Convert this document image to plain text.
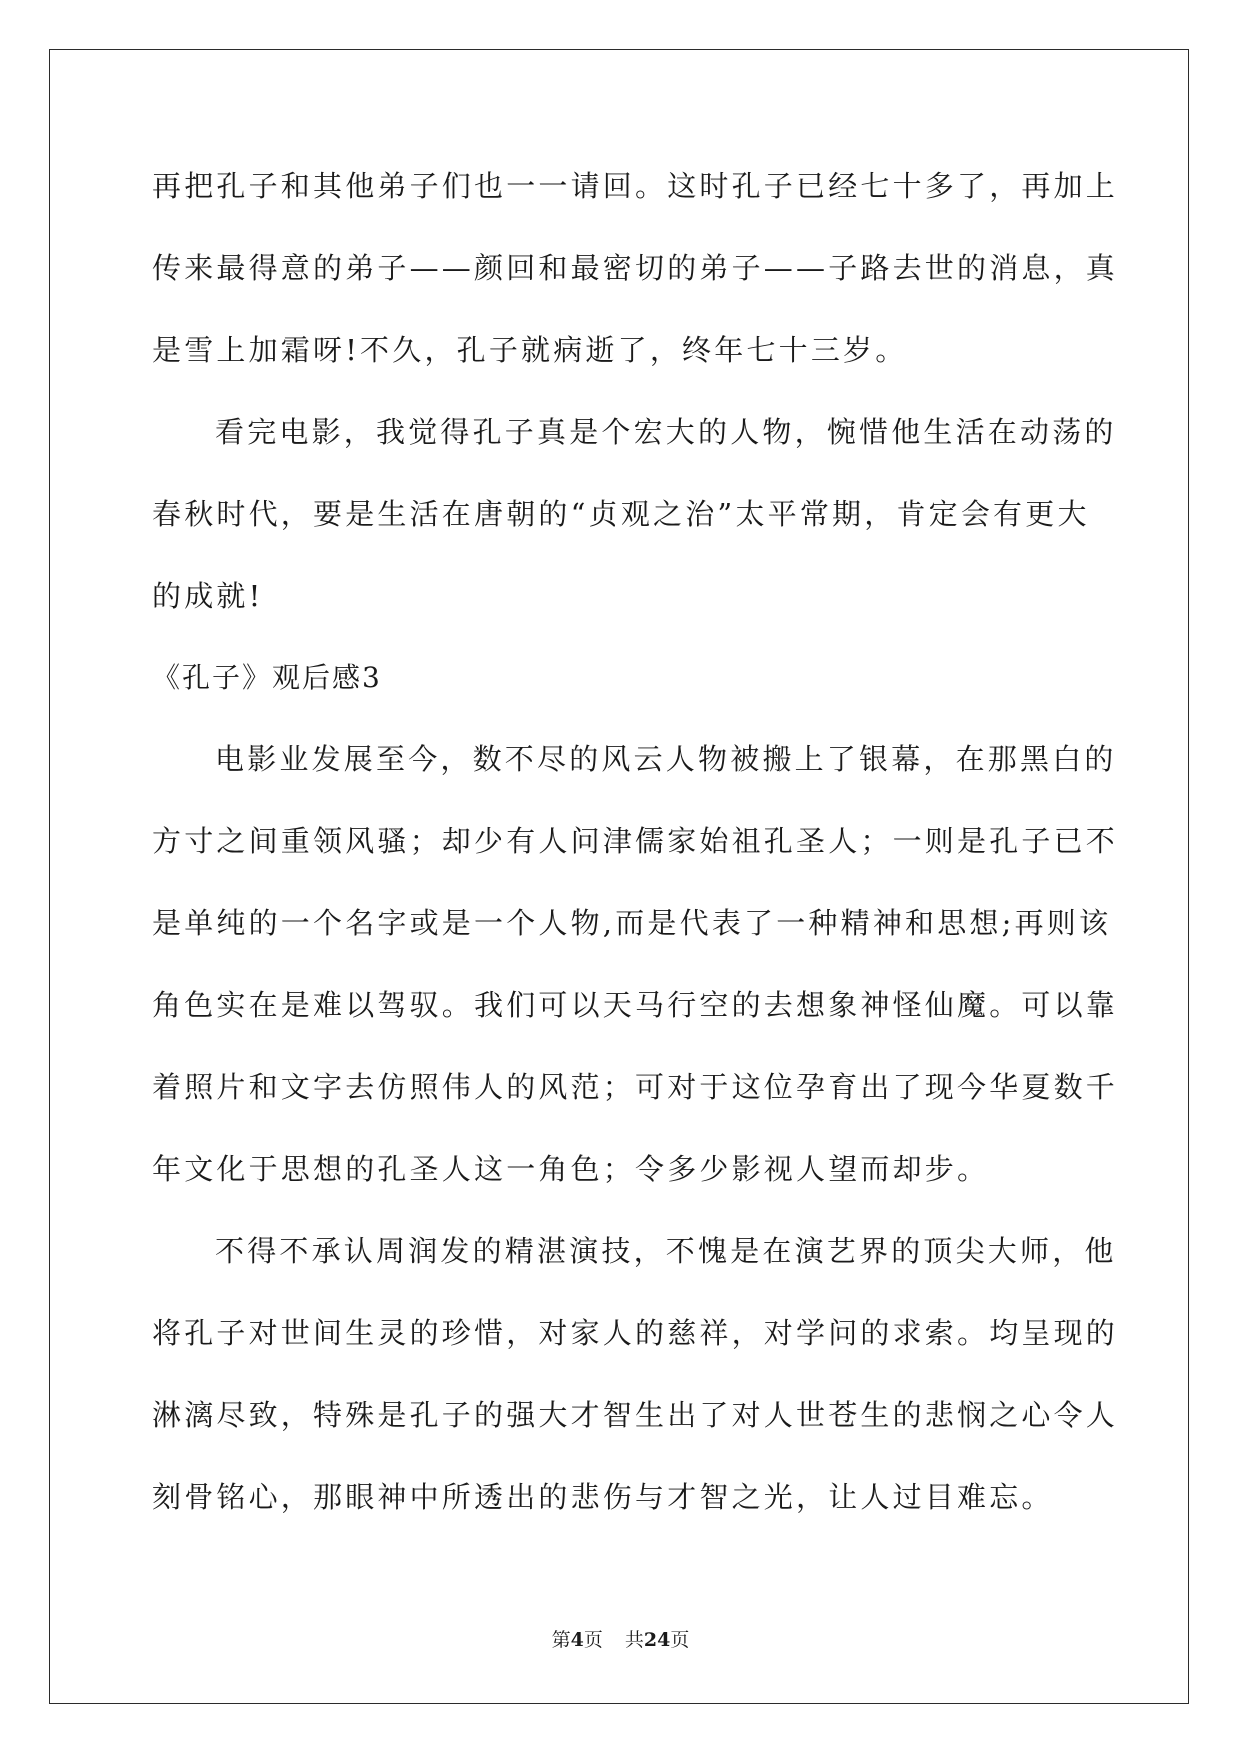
再把孔子和其他弟子们也一一请回。这时孔子已经七十多了，再加上
传来最得意的弟子——颜回和最密切的弟子——子路去世的消息，真
是雪上加霜呀!不久，孔子就病逝了，终年七十三岁。
看完电影，我觉得孔子真是个宏大的人物，惋惜他生活在动荡的
春秋时代，要是生活在唐朝的“贞观之治”太平常期，肯定会有更大
的成就!
《孔子》观后感3
电影业发展至今，数不尽的风云人物被搬上了银幕，在那黑白的
方寸之间重领风骚；却少有人问津儒家始祖孔圣人；一则是孔子已不
是单纯的一个名字或是一个人物,而是代表了一种精神和思想;再则该
角色实在是难以驾驭。我们可以天马行空的去想象神怪仙魔。可以靠
着照片和文字去仿照伟人的风范；可对于这位孕育出了现今华夏数千
年文化于思想的孔圣人这一角色；令多少影视人望而却步。
不得不承认周润发的精湛演技，不愧是在演艺界的顶尖大师，他
将孔子对世间生灵的珍惜，对家人的慈祥，对学问的求索。均呈现的
淋漓尽致，特殊是孔子的强大才智生出了对人世苍生的悲悯之心令人
刻骨铭心，那眼神中所透出的悲伤与才智之光，让人过目难忘。
第4页 共24页
